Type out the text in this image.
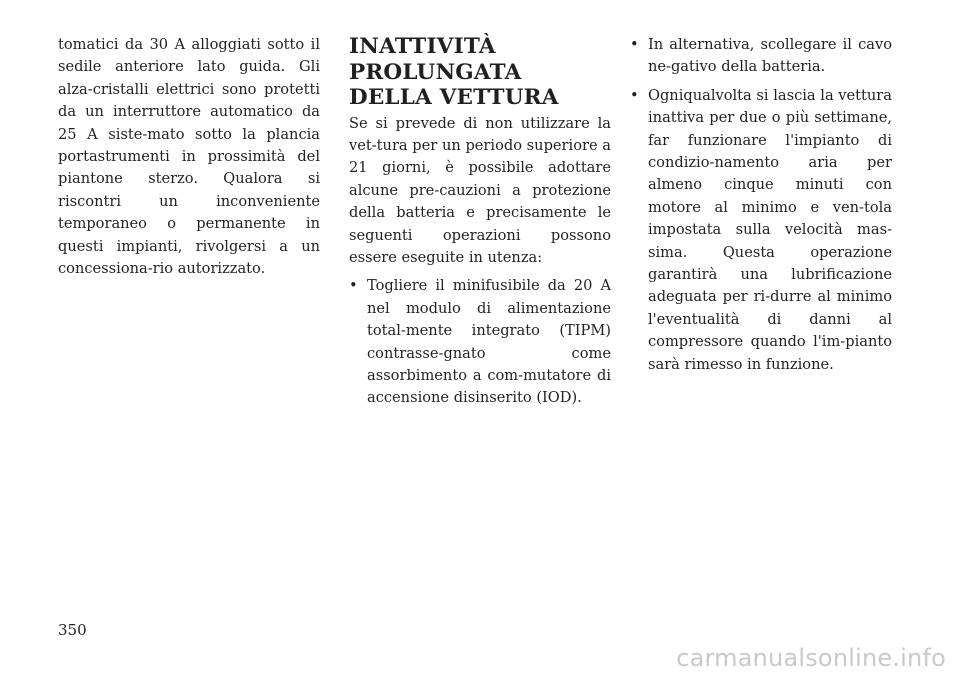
tomatici da 30 A alloggiati sotto il sedile anteriore lato guida. Gli alza-cristalli elettrici sono protetti da un interruttore automatico da 25 A siste-mato sotto la plancia portastrumenti in prossimità del piantone sterzo. Qualora si riscontri un inconveniente temporaneo o permanente in questi impianti, rivolgersi a un concessiona-rio autorizzato.

INATTIVITÀ PROLUNGATA DELLA VETTURA

Se si prevede di non utilizzare la vet-tura per un periodo superiore a 21 giorni, è possibile adottare alcune pre-cauzioni a protezione della batteria e precisamente le seguenti operazioni possono essere eseguite in utenza:

• Togliere il minifusibile da 20 A nel modulo di alimentazione total-mente integrato (TIPM) contrasse-gnato come assorbimento a com-mutatore di accensione disinserito (IOD).
• In alternativa, scollegare il cavo ne-gativo della batteria.
• Ogniqualvolta si lascia la vettura inattiva per due o più settimane, far funzionare l'impianto di condizio-namento aria per almeno cinque minuti con motore al minimo e ven-tola impostata sulla velocità mas-sima. Questa operazione garantirà una lubrificazione adeguata per ri-durre al minimo l'eventualità di danni al compressore quando l'im-pianto sarà rimesso in funzione.
350
carmanualsonline.info
